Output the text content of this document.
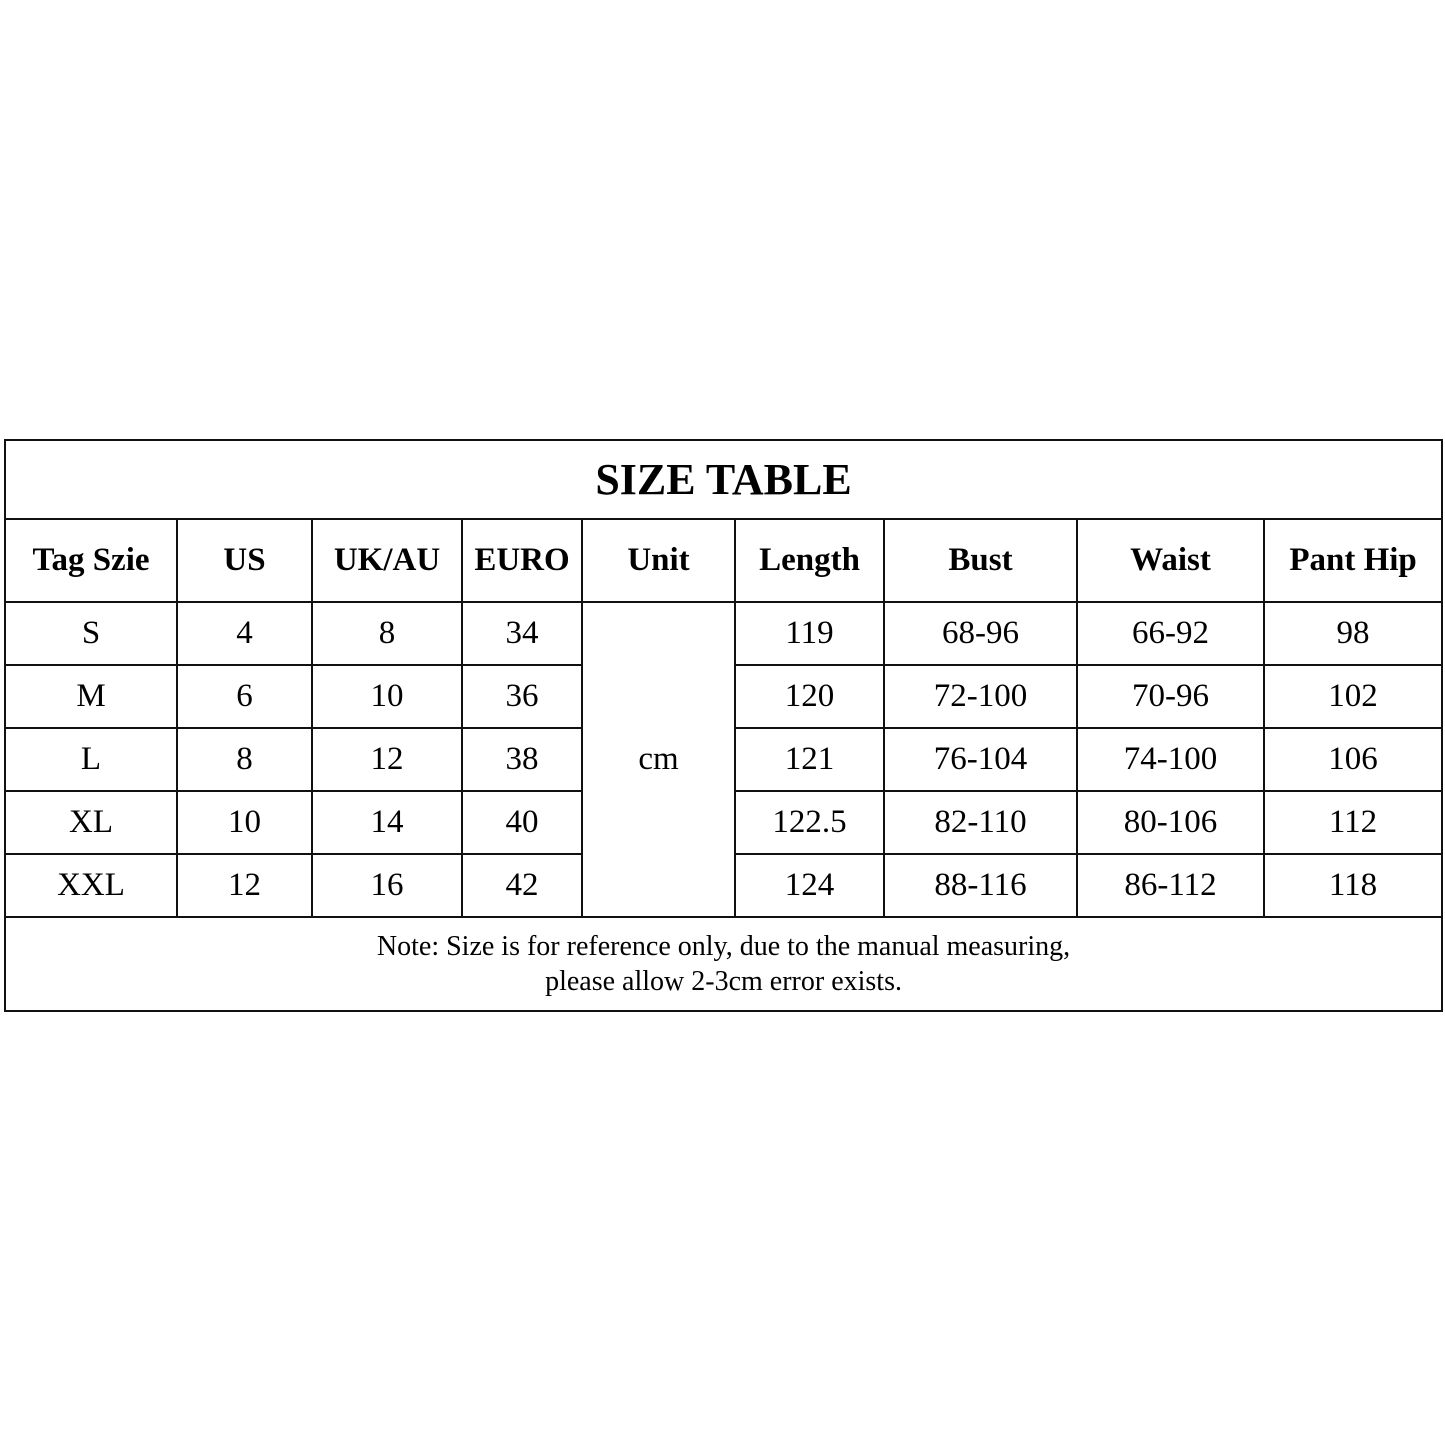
SIZE TABLE								
Tag Szie	US	UK/AU	EURO	Unit	Length	Bust	Waist	Pant Hip
S	4	8	34	cm	119	68-96	66-92	98
M	6	10	36		120	72-100	70-96	102
L	8	12	38		121	76-104	74-100	106
XL	10	14	40		122.5	82-110	80-106	112
XXL	12	16	42		124	88-116	86-112	118

Note: Size is for reference only, due to the manual measuring,
please allow 2-3cm error exists.								
